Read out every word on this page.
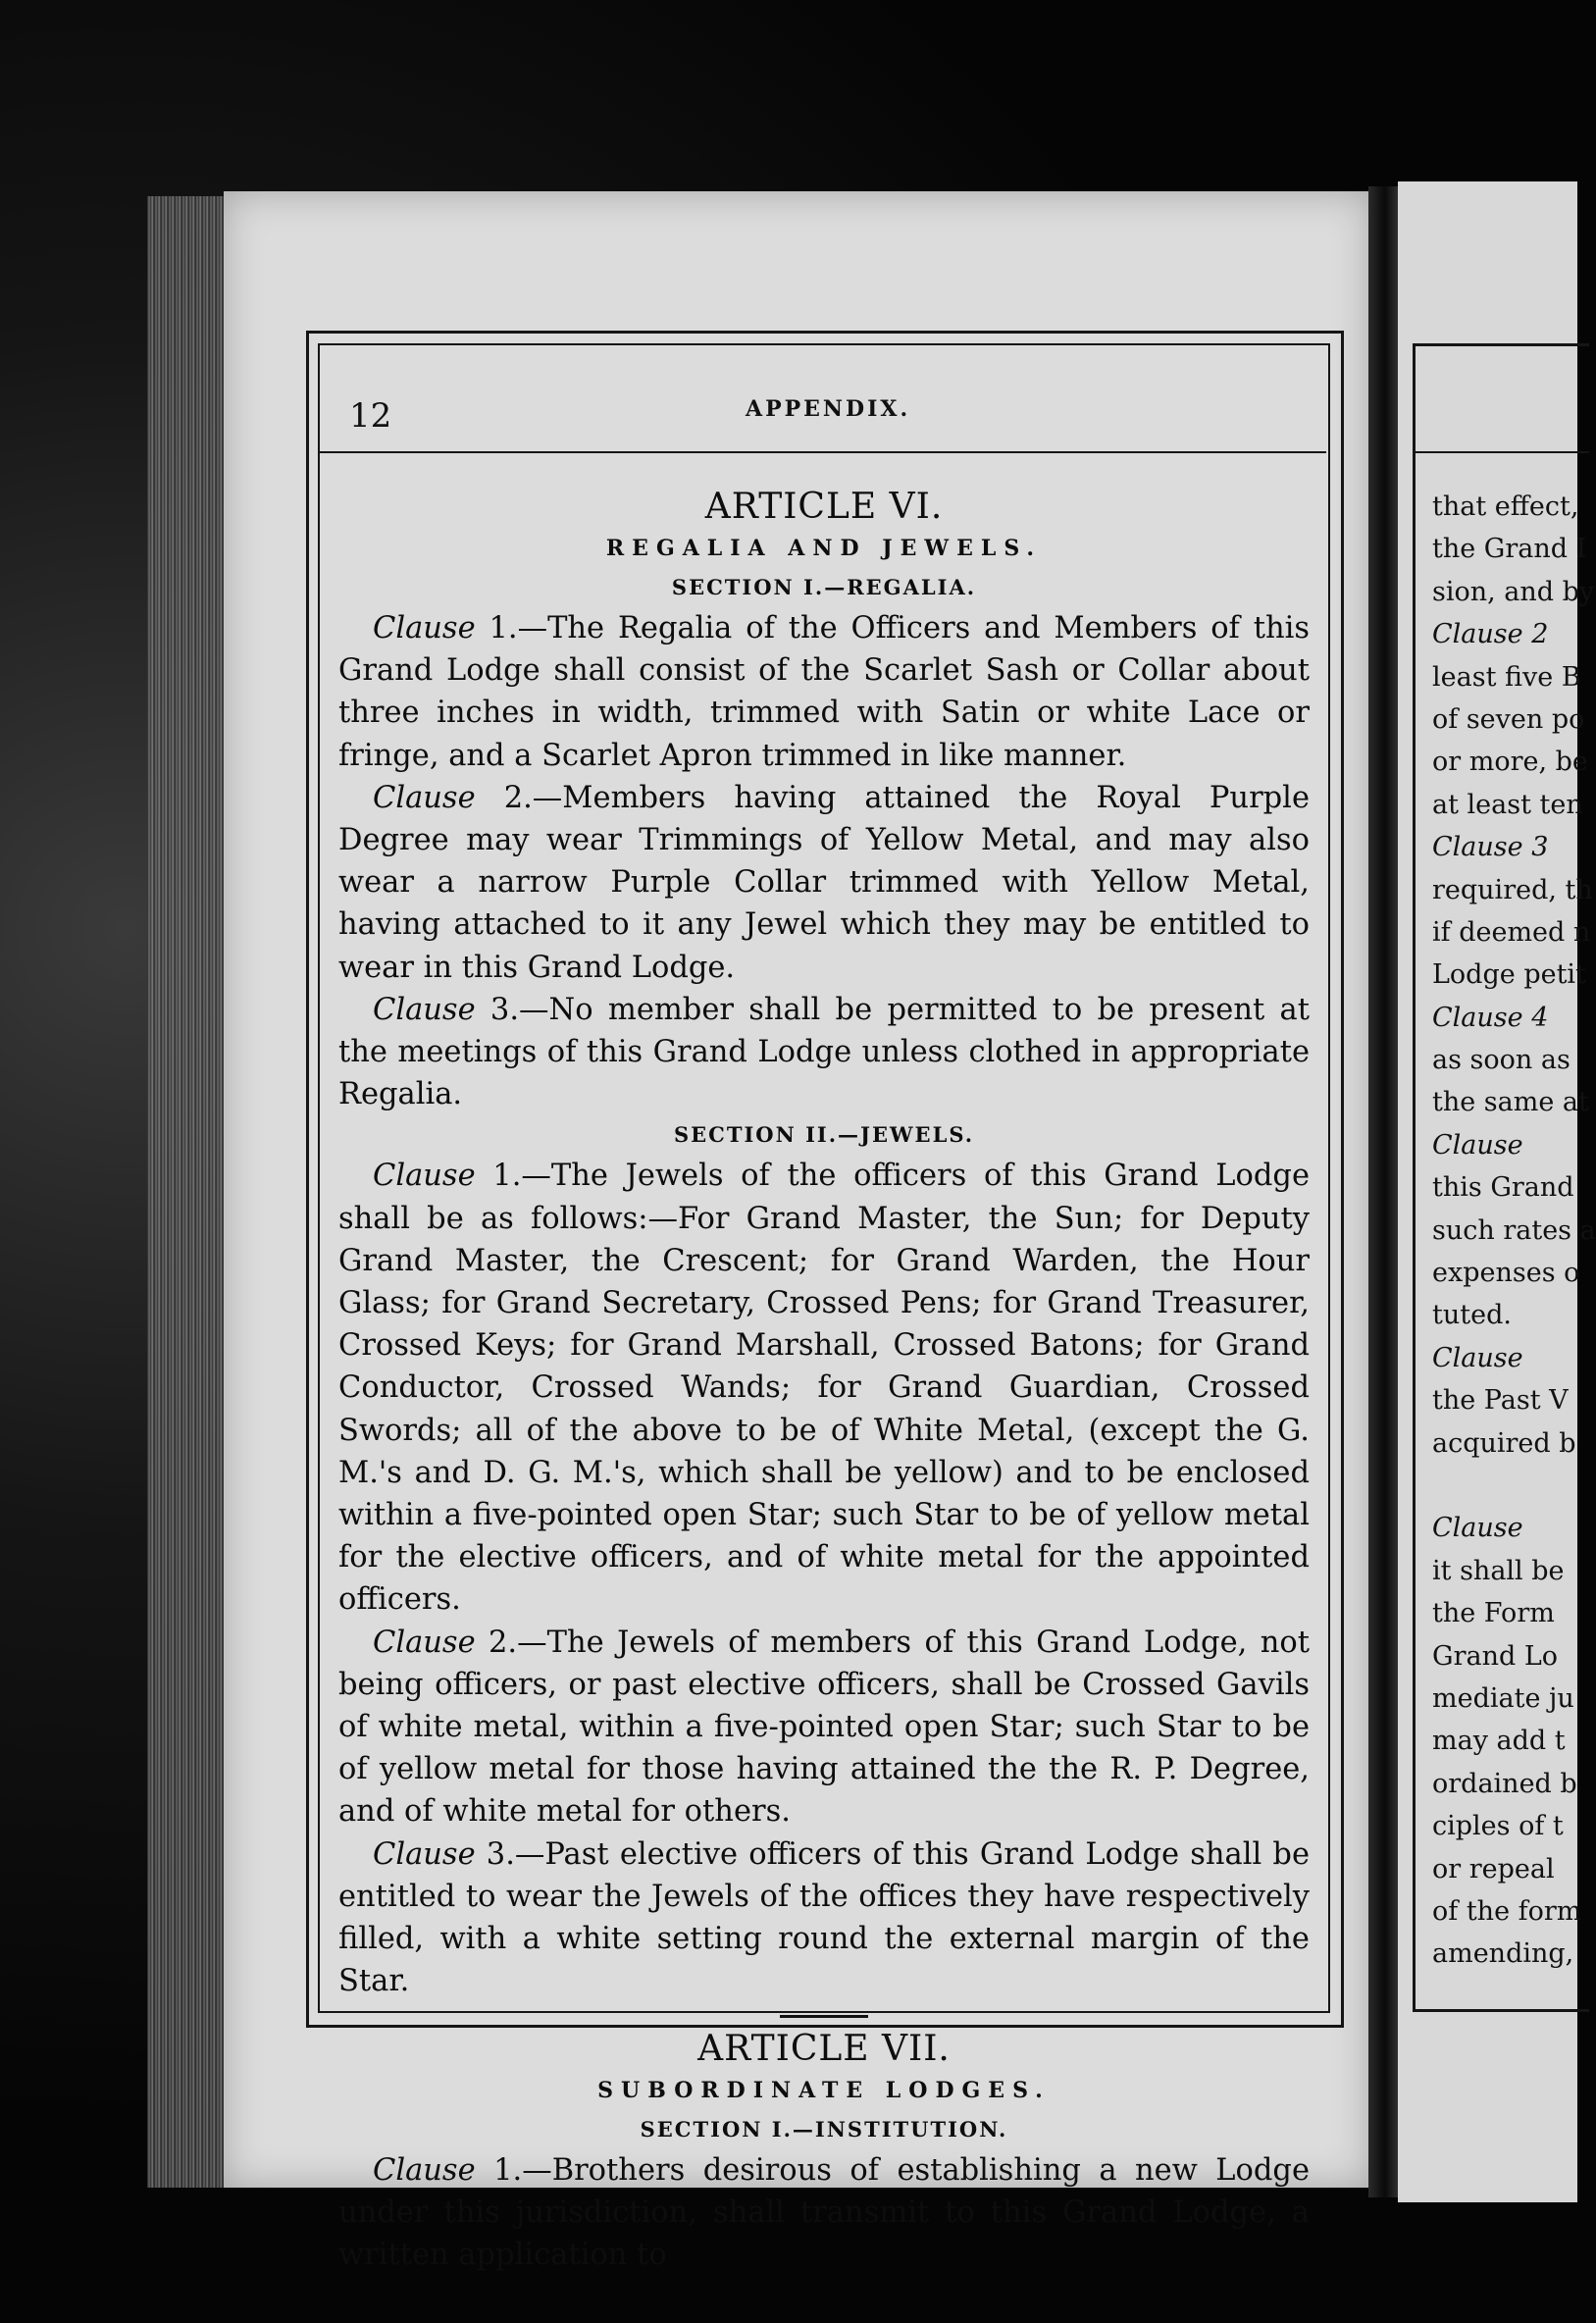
12	APPENDIX.

ARTICLE VI.

REGALIA AND JEWELS.

SECTION I.—REGALIA.

Clause 1.—The Regalia of the Officers and Members of this Grand Lodge shall consist of the Scarlet Sash or Collar about three inches in width, trimmed with Satin or white Lace or fringe, and a Scarlet Apron trimmed in like manner.

Clause 2.—Members having attained the Royal Purple Degree may wear Trimmings of Yellow Metal, and may also wear a narrow Purple Collar trimmed with Yellow Metal, having attached to it any Jewel which they may be entitled to wear in this Grand Lodge.

Clause 3.—No member shall be permitted to be present at the meetings of this Grand Lodge unless clothed in appropriate Regalia.

SECTION II.—JEWELS.

Clause 1.—The Jewels of the officers of this Grand Lodge shall be as follows:—For Grand Master, the Sun; for Deputy Grand Master, the Crescent; for Grand Warden, the Hour Glass; for Grand Secretary, Crossed Pens; for Grand Treasurer, Crossed Keys; for Grand Marshall, Crossed Batons; for Grand Conductor, Crossed Wands; for Grand Guardian, Crossed Swords; all of the above to be of White Metal, (except the G. M.'s and D. G. M.'s, which shall be yellow) and to be enclosed within a five-pointed open Star; such Star to be of yellow metal for the elective officers, and of white metal for the appointed officers.

Clause 2.—The Jewels of members of this Grand Lodge, not being officers, or past elective officers, shall be Crossed Gavils of white metal, within a five-pointed open Star; such Star to be of yellow metal for those having attained the the R. P. Degree, and of white metal for others.

Clause 3.—Past elective officers of this Grand Lodge shall be entitled to wear the Jewels of the offices they have respectively filled, with a white setting round the external margin of the Star.

ARTICLE VII.

SUBORDINATE LODGES.

SECTION I.—INSTITUTION.

Clause 1.—Brothers desirous of establishing a new Lodge under this jurisdiction, shall transmit to this Grand Lodge, a written application to

that effect,
the Grand I
sion, and by
Clause 2
least five B
of seven po
or more, be
at least ten
Clause 3
required, th
if deemed n
Lodge petit
Clause 4
as soon as
the same at
Clause
this Grand
such rates a
expenses o
tuted.
Clause
the Past V
acquired b
Clause
it shall be
the Form
Grand Lo
mediate ju
may add t
ordained b
ciples of t
or repeal
of the form
amending,
